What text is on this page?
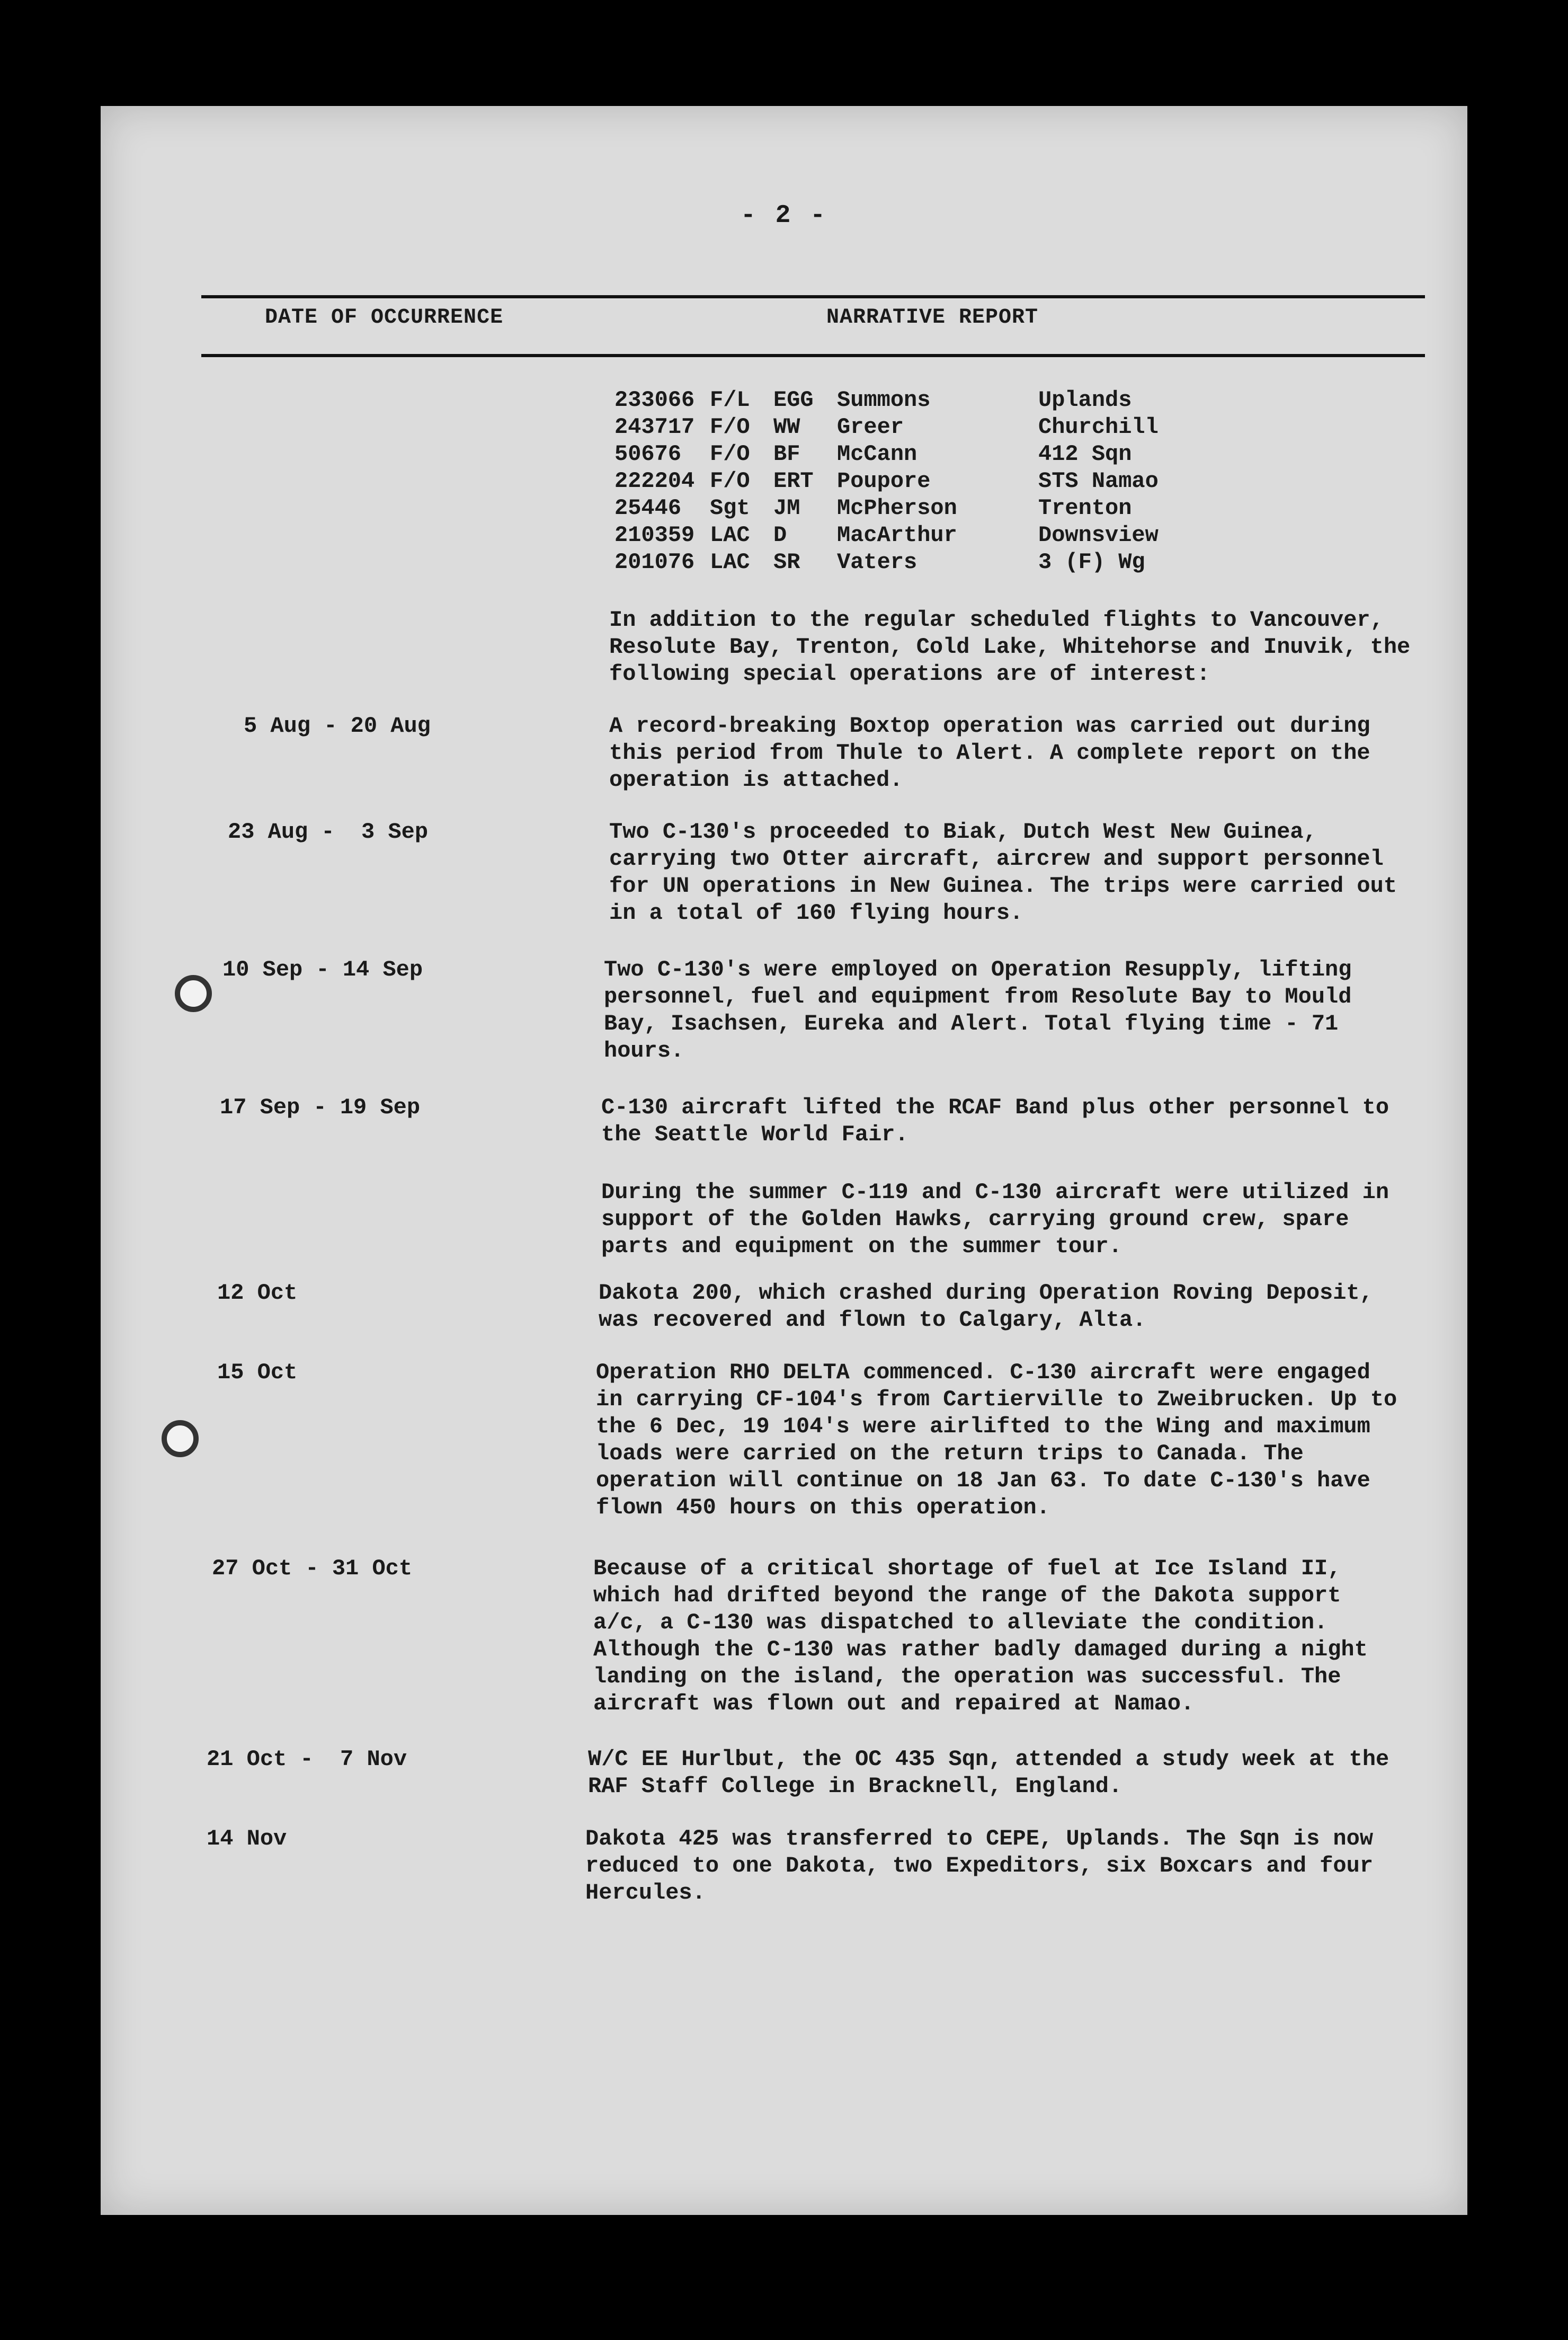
- 2 -
DATE OF OCCURRENCE	NARRATIVE REPORT
233066 F/L	EGG	Summons	Uplands
243717 F/O	WW	Greer	Churchill
50676	F/O	BF	McCann	412 Sqn
222204 F/O	ERT	Poupore	STS Namao
25446	Sgt	JM	McPherson	Trenton
210359 LAC	D	MacArthur	Downsview
201076 LAC	SR	Vaters	3 (F) Wg
In addition to the regular scheduled flights to Vancouver, Resolute Bay, Trenton, Cold Lake, Whitehorse and Inuvik, the following special operations are of interest:
5 Aug - 20 Aug	A record-breaking Boxtop operation was carried out during this period from Thule to Alert. A complete report on the operation is attached.
23 Aug -  3 Sep	Two C-130's proceeded to Biak, Dutch West New Guinea, carrying two Otter aircraft, aircrew and support personnel for UN operations in New Guinea. The trips were carried out in a total of 160 flying hours.
10 Sep - 14 Sep	Two C-130's were employed on Operation Resupply, lifting personnel, fuel and equipment from Resolute Bay to Mould Bay, Isachsen, Eureka and Alert. Total flying time - 71 hours.
17 Sep - 19 Sep	C-130 aircraft lifted the RCAF Band plus other personnel to the Seattle World Fair.
During the summer C-119 and C-130 aircraft were utilized in support of the Golden Hawks, carrying ground crew, spare parts and equipment on the summer tour.
12 Oct	Dakota 200, which crashed during Operation Roving Deposit, was recovered and flown to Calgary, Alta.
15 Oct	Operation RHO DELTA commenced. C-130 aircraft were engaged in carrying CF-104's from Cartierville to Zweibrucken. Up to the 6 Dec, 19 104's were airlifted to the Wing and maximum loads were carried on the return trips to Canada. The operation will continue on 18 Jan 63. To date C-130's have flown 450 hours on this operation.
27 Oct - 31 Oct	Because of a critical shortage of fuel at Ice Island II, which had drifted beyond the range of the Dakota support a/c, a C-130 was dispatched to alleviate the condition. Although the C-130 was rather badly damaged during a night landing on the island, the operation was successful. The aircraft was flown out and repaired at Namao.
21 Oct -  7 Nov	W/C EE Hurlbut, the OC 435 Sqn, attended a study week at the RAF Staff College in Bracknell, England.
14 Nov	Dakota 425 was transferred to CEPE, Uplands. The Sqn is now reduced to one Dakota, two Expeditors, six Boxcars and four Hercules.
